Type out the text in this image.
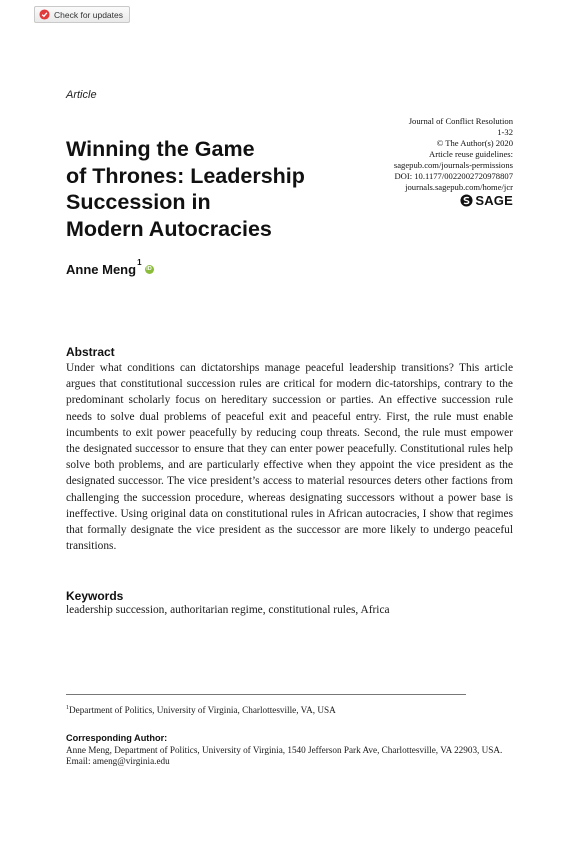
Check for updates
Article
Winning the Game
of Thrones: Leadership
Succession in
Modern Autocracies
Journal of Conflict Resolution
1-32
© The Author(s) 2020
Article reuse guidelines:
sagepub.com/journals-permissions
DOI: 10.1177/0022002720978807
journals.sagepub.com/home/jcr
SAGE
Anne Meng$^1$
iD
Abstract

Under what conditions can dictatorships manage peaceful leadership transitions? This article argues that constitutional succession rules are critical for modern dic-tatorships, contrary to the predominant scholarly focus on hereditary succession or parties. An effective succession rule needs to solve dual problems of peaceful exit and peaceful entry. First, the rule must enable incumbents to exit power peacefully by reducing coup threats. Second, the rule must empower the designated successor to ensure that they can enter power peacefully. Constitutional rules help solve both problems, and are particularly effective when they appoint the vice president as the designated successor. The vice president’s access to material resources deters other factions from challenging the succession procedure, whereas designating successors without a power base is ineffective. Using original data on constitutional rules in African autocracies, I show that regimes that formally designate the vice president as the successor are more likely to undergo peaceful transitions.

Keywords
leadership succession, authoritarian regime, constitutional rules, Africa
$^1$Department of Politics, University of Virginia, Charlottesville, VA, USA
Corresponding Author:

Anne Meng, Department of Politics, University of Virginia, 1540 Jefferson Park Ave, Charlottesville, VA 22903, USA.
Email: ameng@virginia.edu
